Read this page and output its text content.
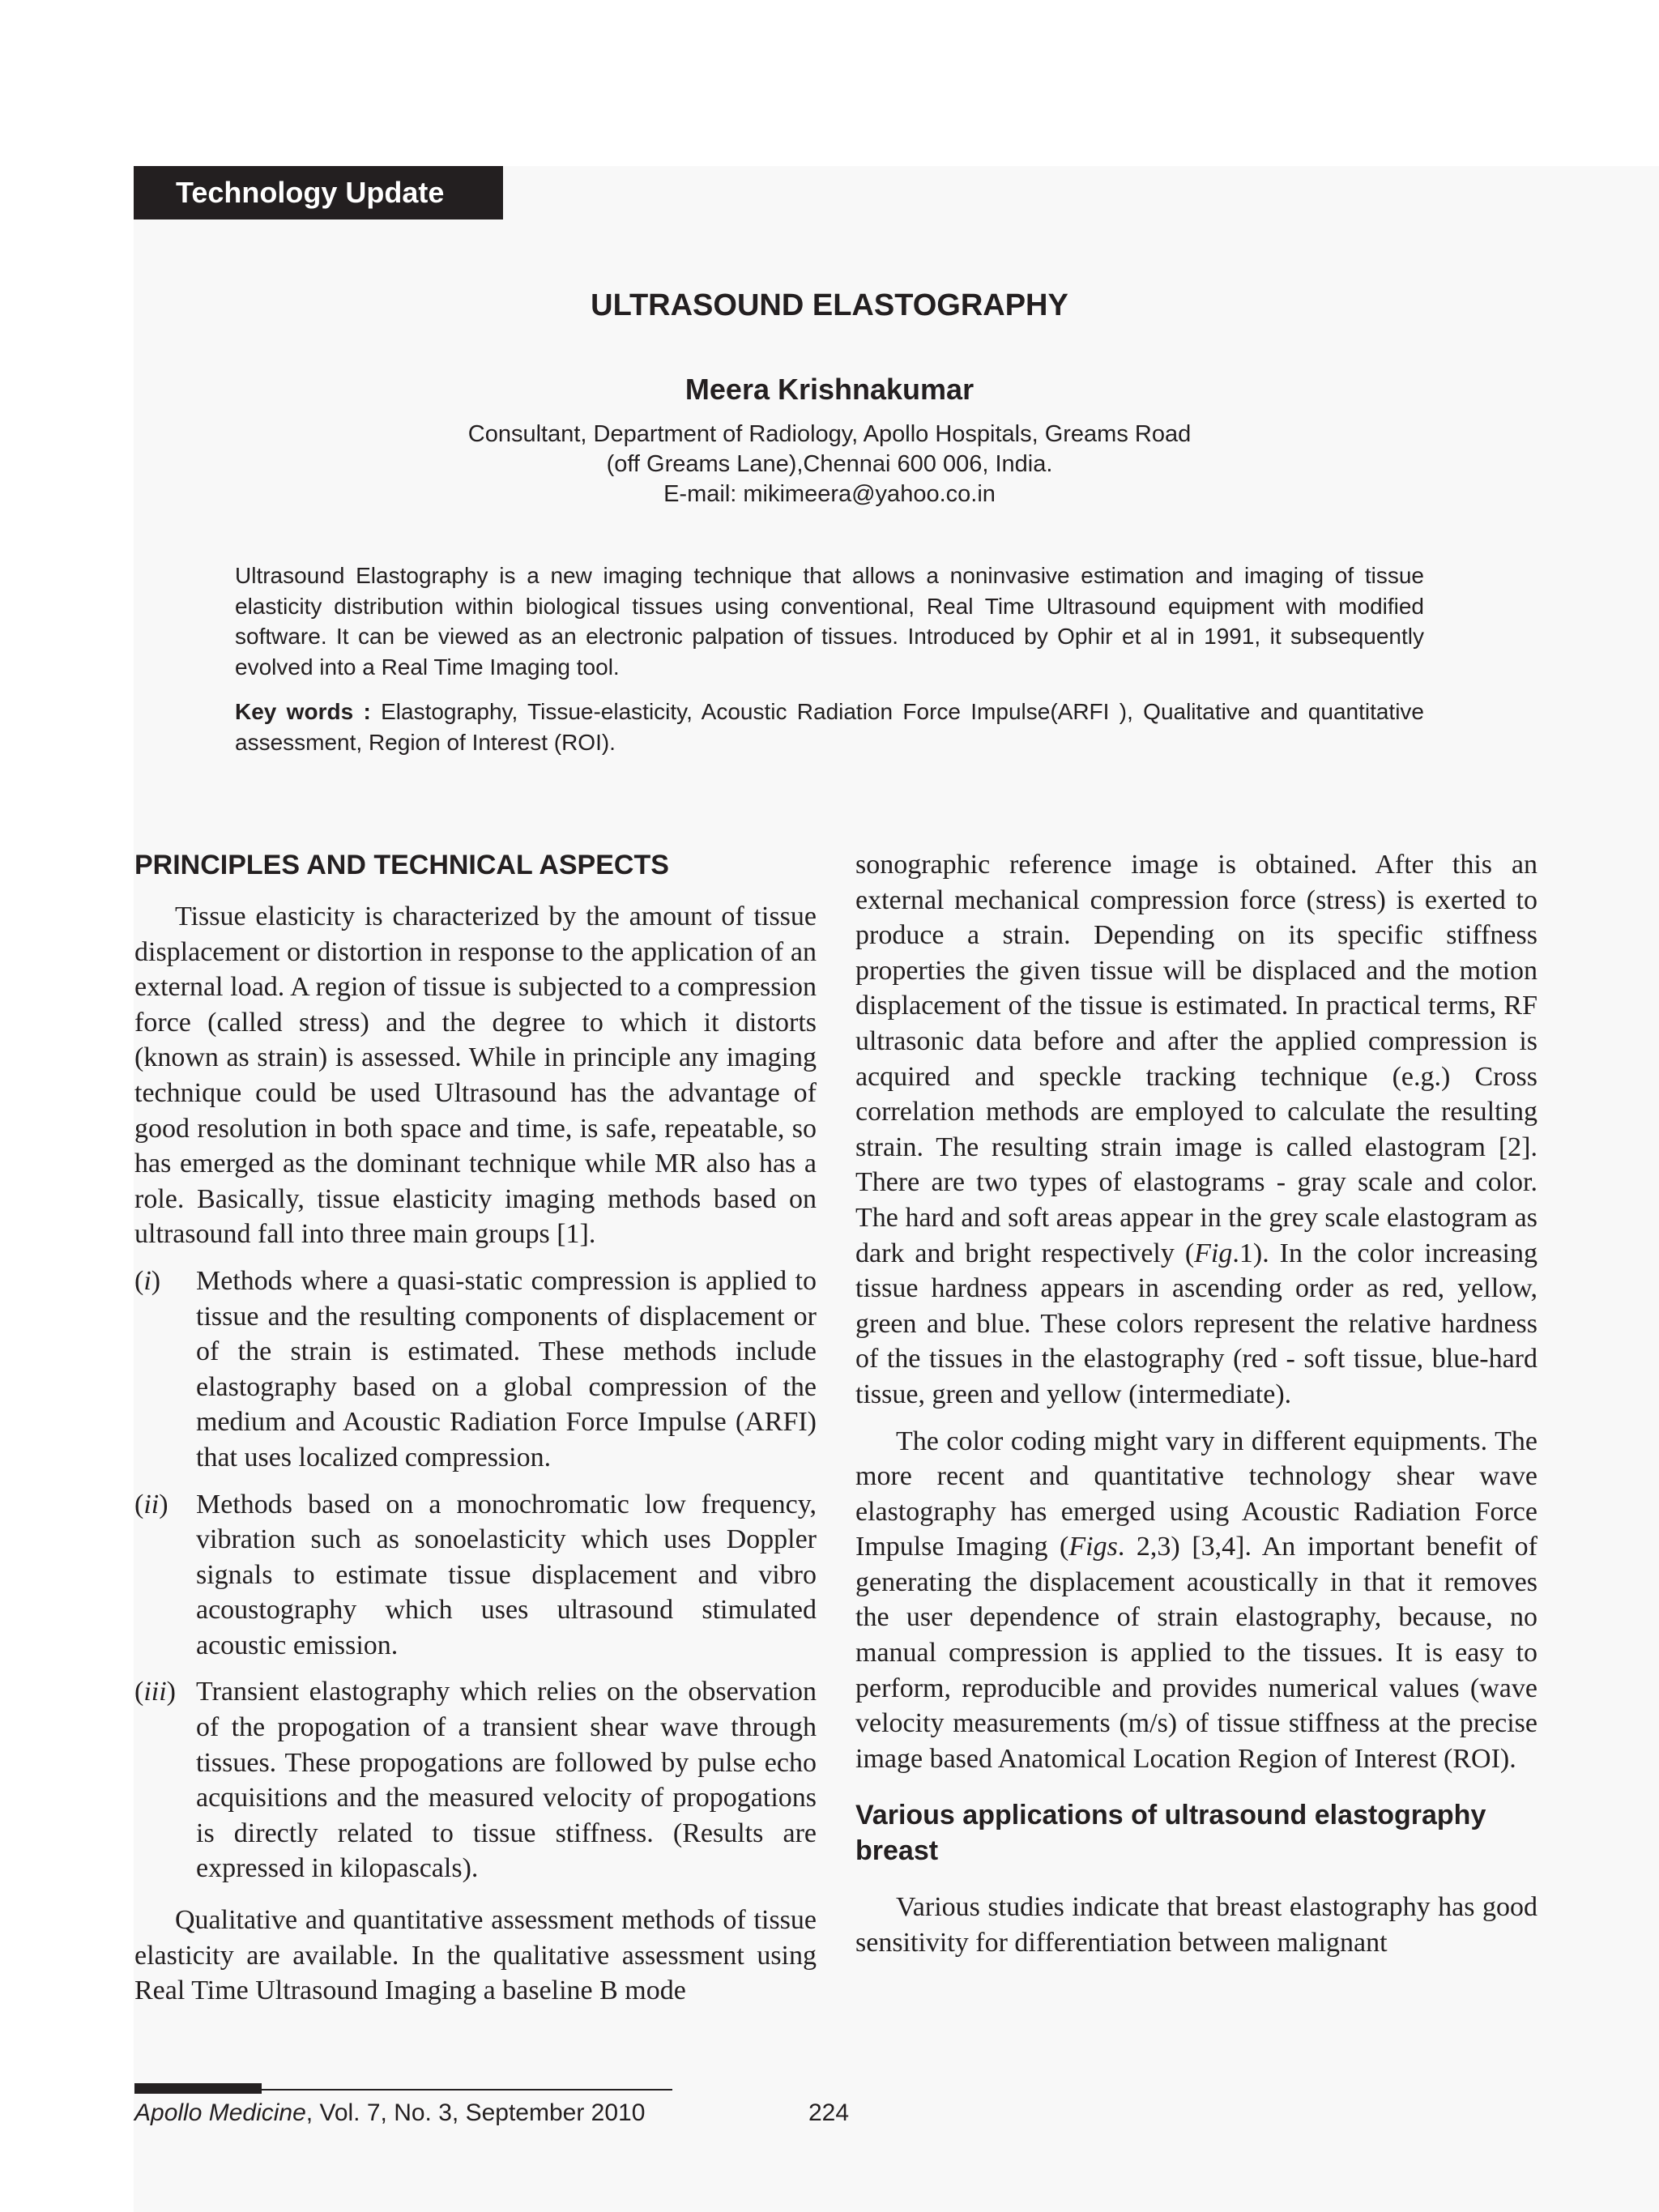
Technology Update
ULTRASOUND ELASTOGRAPHY
Meera Krishnakumar
Consultant, Department of Radiology, Apollo Hospitals, Greams Road
(off Greams Lane),Chennai 600 006, India.
E-mail: mikimeera@yahoo.co.in

Ultrasound Elastography is a new imaging technique that allows a noninvasive estimation and imaging of tissue elasticity distribution within biological tissues using conventional, Real Time Ultrasound equipment with modified software. It can be viewed as an electronic palpation of tissues. Introduced by Ophir et al in 1991, it subsequently evolved into a Real Time Imaging tool.

Key words : Elastography, Tissue-elasticity, Acoustic Radiation Force Impulse(ARFI ), Qualitative and quantitative assessment, Region of Interest (ROI).

PRINCIPLES AND TECHNICAL ASPECTS

Tissue elasticity is characterized by the amount of tissue displacement or distortion in response to the application of an external load. A region of tissue is subjected to a compression force (called stress) and the degree to which it distorts (known as strain) is assessed. While in principle any imaging technique could be used Ultrasound has the advantage of good resolution in both space and time, is safe, repeatable, so has emerged as the dominant technique while MR also has a role. Basically, tissue elasticity imaging methods based on ultrasound fall into three main groups [1].

(i)	Methods where a quasi-static compression is applied to tissue and the resulting components of displacement or of the strain is estimated. These methods include elastography based on a global compression of the medium and Acoustic Radiation Force Impulse (ARFI) that uses localized compression.
(ii)	Methods based on a monochromatic low frequency, vibration such as sonoelasticity which uses Doppler signals to estimate tissue displacement and vibro acoustography which uses ultrasound stimulated acoustic emission.
(iii) Transient elastography which relies on the observation of the propogation of a transient shear wave through tissues. These propogations are followed by pulse echo acquisitions and the measured velocity of propogations is directly related to tissue stiffness. (Results are expressed in kilopascals).

Qualitative and quantitative assessment methods of tissue elasticity are available. In the qualitative assessment using Real Time Ultrasound Imaging a baseline B mode

sonographic reference image is obtained. After this an external mechanical compression force (stress) is exerted to produce a strain. Depending on its specific stiffness properties the given tissue will be displaced and the motion displacement of the tissue is estimated. In practical terms, RF ultrasonic data before and after the applied compression is acquired and speckle tracking technique (e.g.) Cross correlation methods are employed to calculate the resulting strain. The resulting strain image is called elastogram [2]. There are two types of elastograms - gray scale and color. The hard and soft areas appear in the grey scale elastogram as dark and bright respectively (Fig.1). In the color increasing tissue hardness appears in ascending order as red, yellow, green and blue. These colors represent the relative hardness of the tissues in the elastography (red - soft tissue, blue-hard tissue, green and yellow (intermediate).

The color coding might vary in different equipments. The more recent and quantitative technology shear wave elastography has emerged using Acoustic Radiation Force Impulse Imaging (Figs. 2,3) [3,4]. An important benefit of generating the displacement acoustically in that it removes the user dependence of strain elastography, because, no manual compression is applied to the tissues. It is easy to perform, reproducible and provides numerical values (wave velocity measurements (m/s) of tissue stiffness at the precise image based Anatomical Location Region of Interest (ROI).

Various applications of ultrasound elastography breast

Various studies indicate that breast elastography has good sensitivity for differentiation between malignant

Apollo Medicine, Vol. 7, No. 3, September 2010	224
